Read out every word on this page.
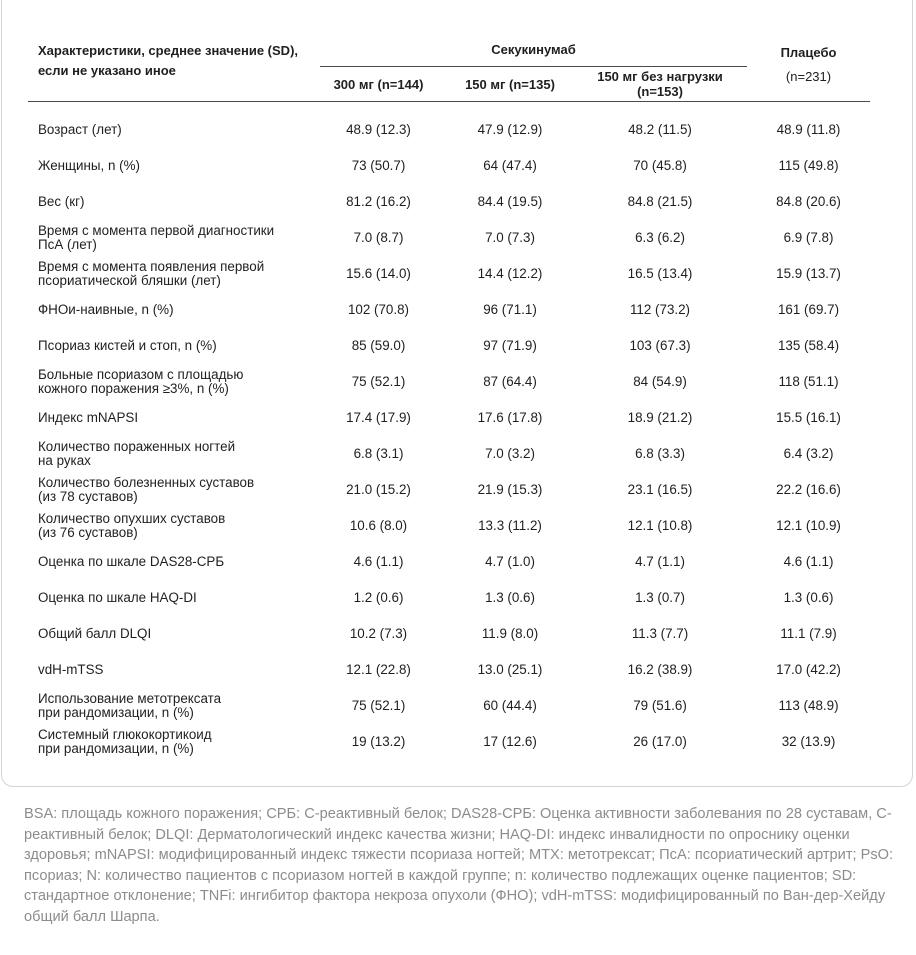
Характеристики, среднее значение (SD), если не указано иное	Секукинумаб			Плацебо
(n=231)

	300 мг (n=144)	150 мг (n=135)	150 мг без нагрузки (n=153)	
Возраст (лет)	48.9 (12.3)	47.9 (12.9)	48.2 (11.5)	48.9 (11.8)
Женщины, n (%)	73 (50.7)	64 (47.4)	70 (45.8)	115 (49.8)
Вес (кг)	81.2 (16.2)	84.4 (19.5)	84.8 (21.5)	84.8 (20.6)
Время с момента первой диагностики
ПсА (лет)	7.0 (8.7)	7.0 (7.3)	6.3 (6.2)	6.9 (7.8)
Время с момента появления первой
псориатической бляшки (лет)	15.6 (14.0)	14.4 (12.2)	16.5 (13.4)	15.9 (13.7)
ФНОи-наивные, n (%)	102 (70.8)	96 (71.1)	112 (73.2)	161 (69.7)
Псориаз кистей и стоп, n (%)	85 (59.0)	97 (71.9)	103 (67.3)	135 (58.4)
Больные псориазом с площадью
кожного поражения ≥3%, n (%)	75 (52.1)	87 (64.4)	84 (54.9)	118 (51.1)
Индекс mNAPSI	17.4 (17.9)	17.6 (17.8)	18.9 (21.2)	15.5 (16.1)
Количество пораженных ногтей
на руках	6.8 (3.1)	7.0 (3.2)	6.8 (3.3)	6.4 (3.2)
Количество болезненных суставов
(из 78 суставов)	21.0 (15.2)	21.9 (15.3)	23.1 (16.5)	22.2 (16.6)
Количество опухших суставов
(из 76 суставов)	10.6 (8.0)	13.3 (11.2)	12.1 (10.8)	12.1 (10.9)
Оценка по шкале DAS28-СРБ	4.6 (1.1)	4.7 (1.0)	4.7 (1.1)	4.6 (1.1)
Оценка по шкале HAQ-DI	1.2 (0.6)	1.3 (0.6)	1.3 (0.7)	1.3 (0.6)
Общий балл DLQI	10.2 (7.3)	11.9 (8.0)	11.3 (7.7)	11.1 (7.9)
vdH-mTSS	12.1 (22.8)	13.0 (25.1)	16.2 (38.9)	17.0 (42.2)
Использование метотрексата
при рандомизации, n (%)	75 (52.1)	60 (44.4)	79 (51.6)	113 (48.9)
Системный глюкокортикоид
при рандомизации, n (%)	19 (13.2)	17 (12.6)	26 (17.0)	32 (13.9)

BSA: площадь кожного поражения; СРБ: С-реактивный белок; DAS28-СРБ: Оценка активности заболевания по 28 суставам, С-реактивный белок; DLQI: Дерматологический индекс качества жизни; HAQ-DI: индекс инвалидности по опроснику оценки здоровья; mNAPSI: модифицированный индекс тяжести псориаза ногтей; MTX: метотрексат; ПсА: псориатический артрит; PsO: псориаз; N: количество пациентов с псориазом ногтей в каждой группе; n: количество подлежащих оценке пациентов; SD: стандартное отклонение; TNFi: ингибитор фактора некроза опухоли (ФНО); vdH-mTSS: модифицированный по Ван-дер-Хейду общий балл Шарпа.
